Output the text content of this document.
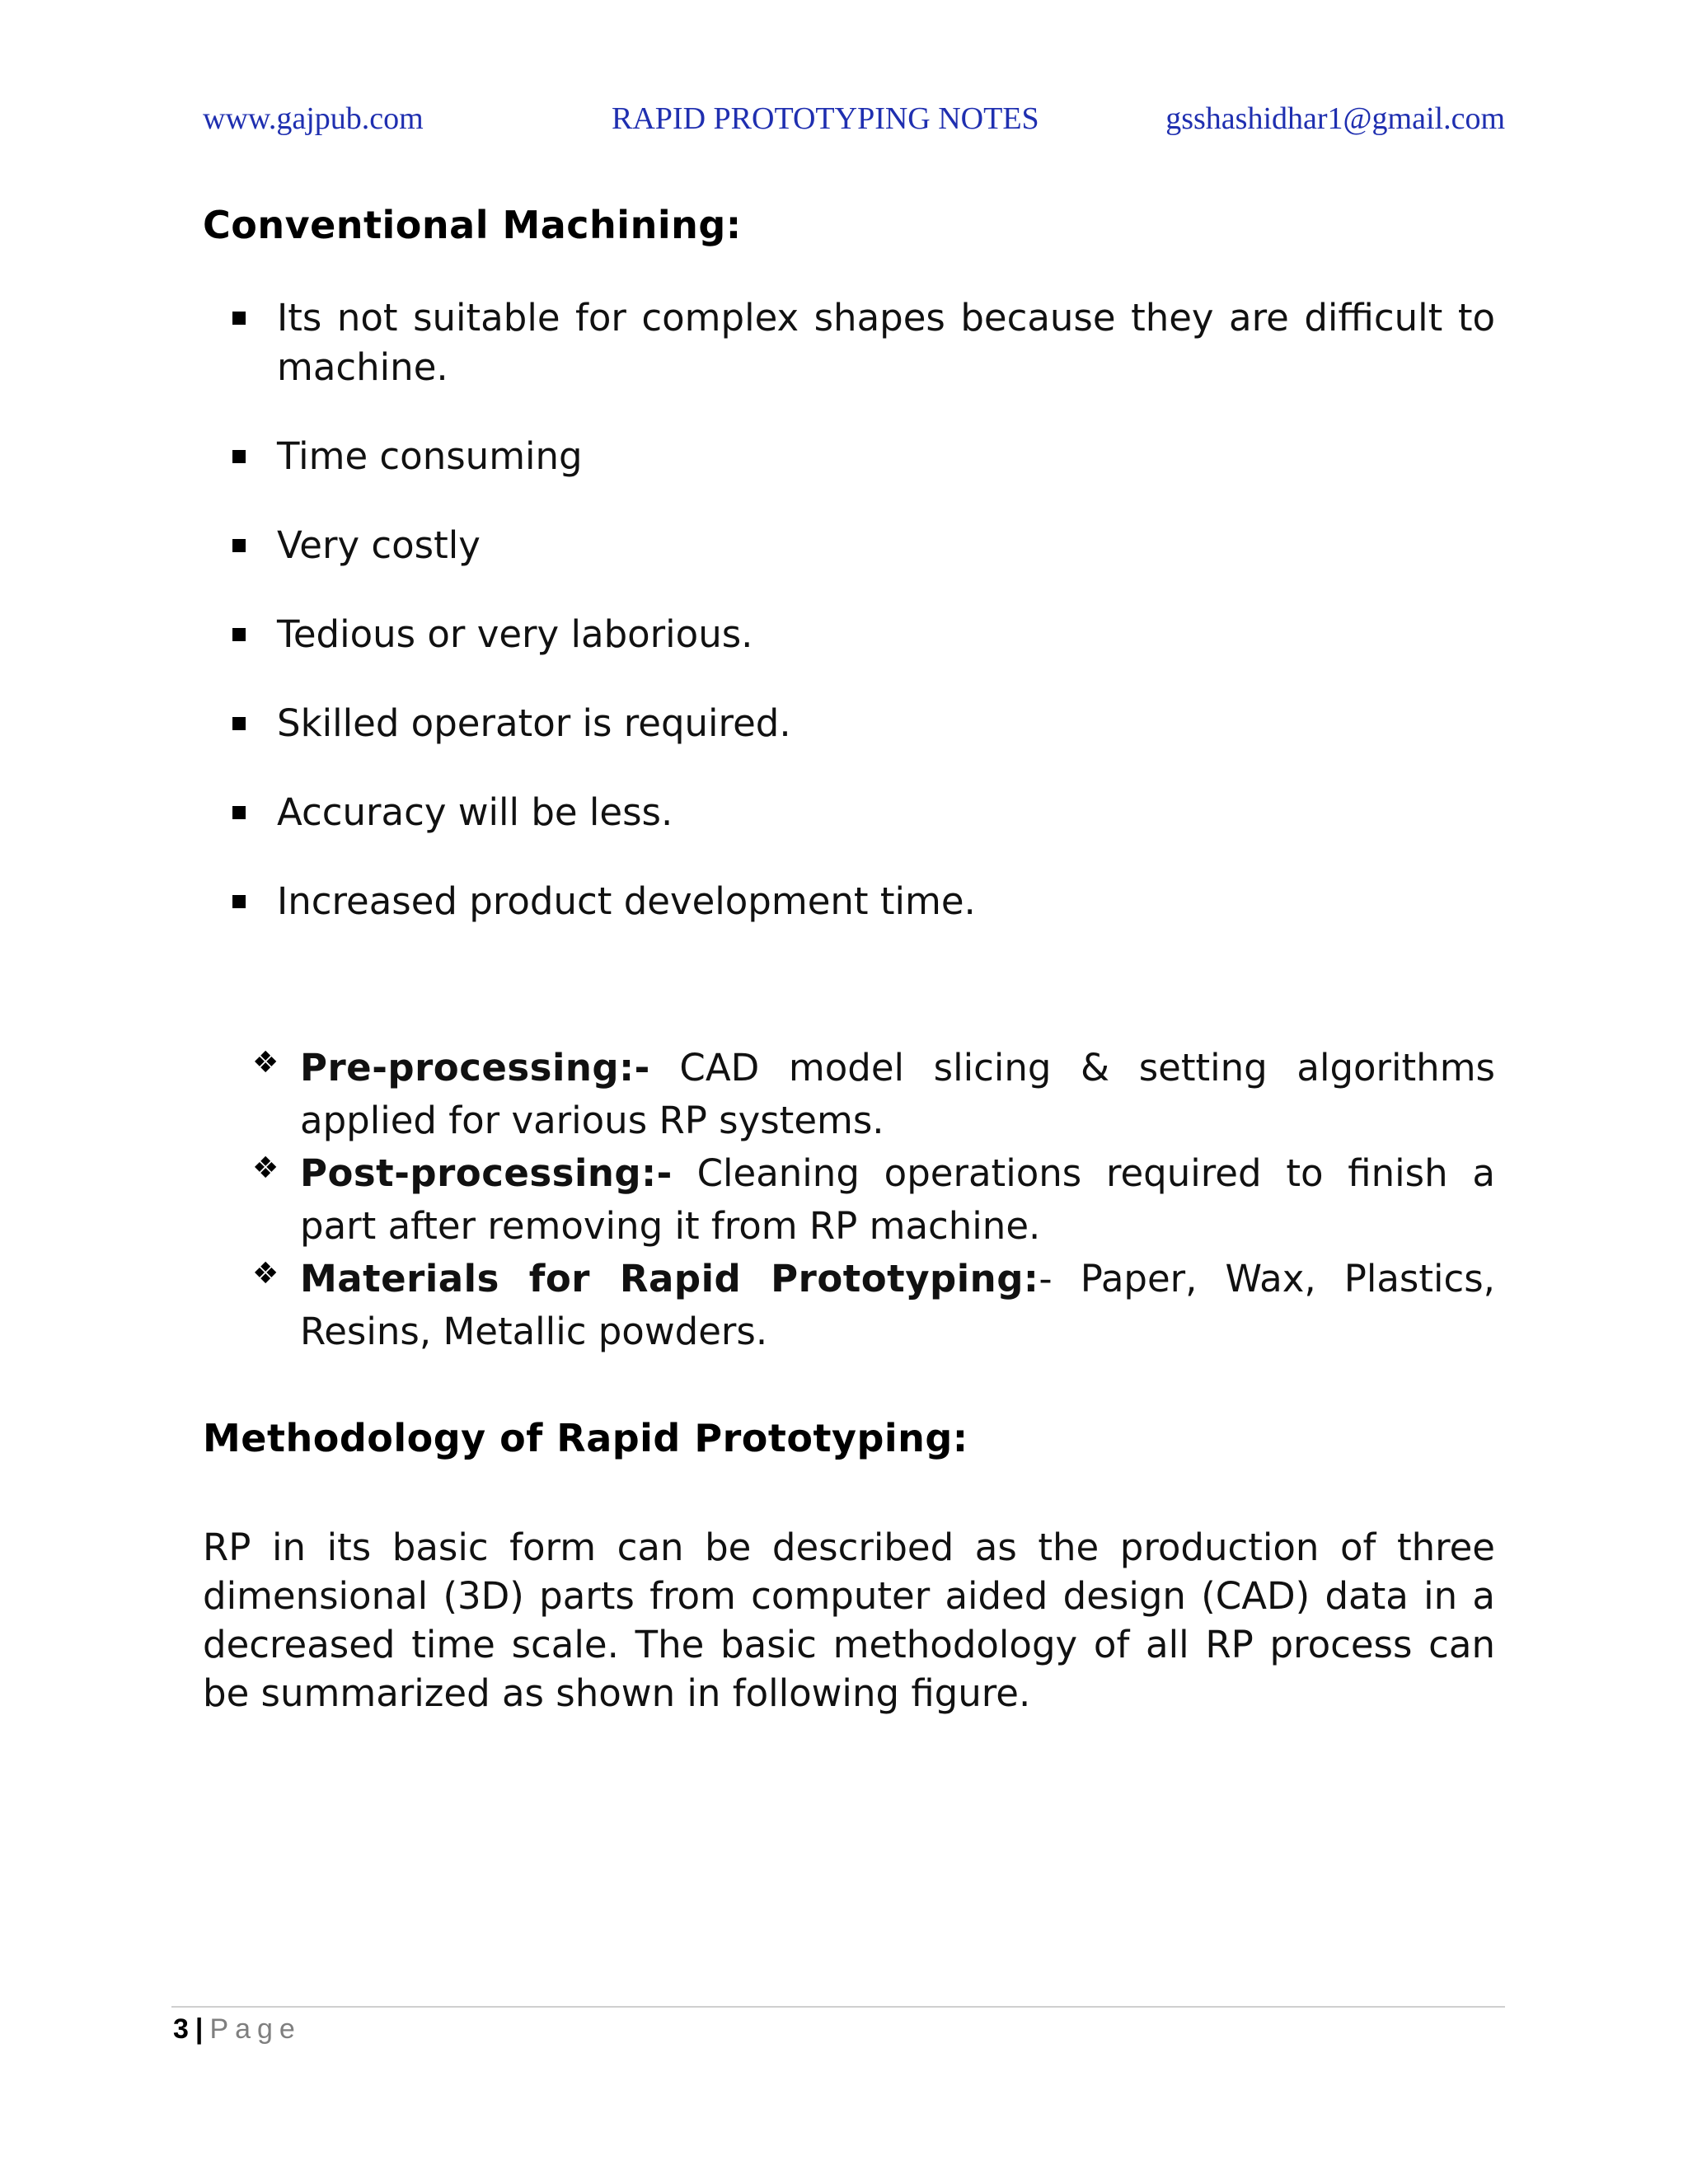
www.gajpub.com	RAPID PROTOTYPING NOTES	gsshashidhar1@gmail.com
Conventional Machining:
Its not suitable for complex shapes because they are difficult to machine.
Time consuming
Very costly
Tedious or very laborious.
Skilled operator is required.
Accuracy will be less.
Increased product development time.
❖ Pre-processing:- CAD model slicing & setting algorithms applied for various RP systems.
❖ Post-processing:- Cleaning operations required to finish a part after removing it from RP machine.
❖ Materials for Rapid Prototyping:- Paper, Wax, Plastics, Resins, Metallic powders.
Methodology of Rapid Prototyping:

RP in its basic form can be described as the production of three dimensional (3D) parts from computer aided design (CAD) data in a decreased time scale. The basic methodology of all RP process can be summarized as shown in following figure.

3 | Page
